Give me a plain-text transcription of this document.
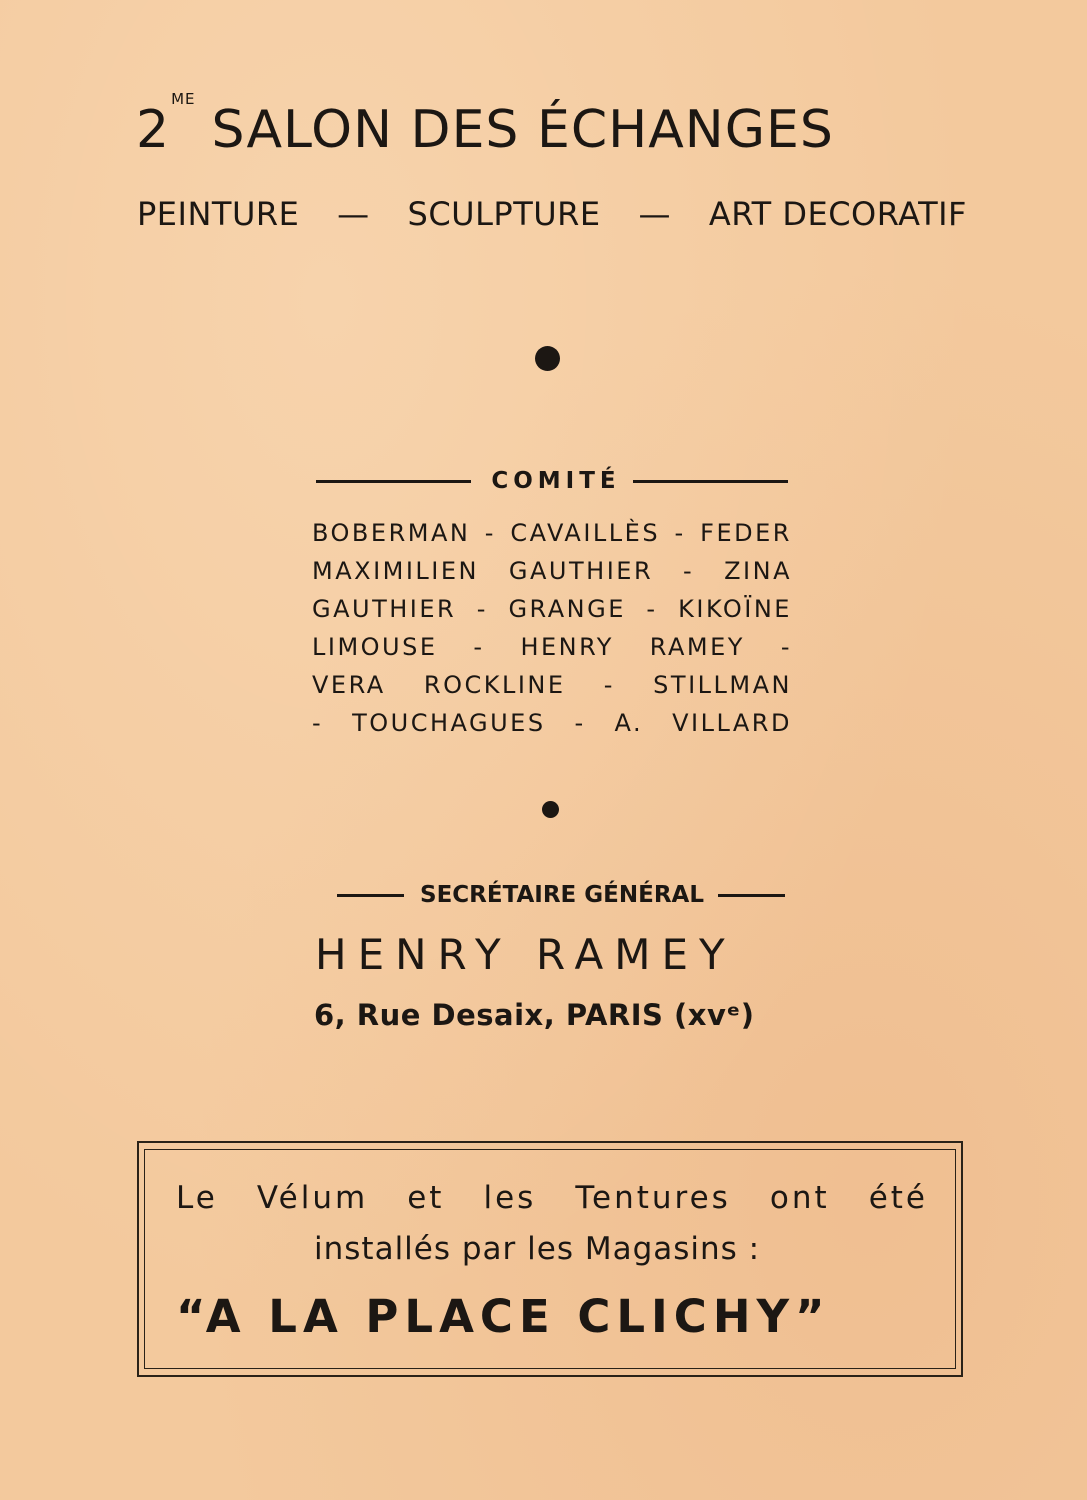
$2^{ME}SALON$ DES ÉCHANGES
PEINTURE — SCULPTURE — ART DECORATIF
COMITÉ
BOBERMAN - CAVAILLÈS - FEDER
MAXIMILIEN GAUTHIER - ZINA
GAUTHIER - GRANGE - KIKOÏNE
LIMOUSE - HENRY RAMEY -
VERA ROCKLINE - STILLMAN
- TOUCHAGUES - A. VILLARD
SECRÉTAIRE GÉNÉRAL
HENRY RAMEY
6, Rue Desaix, PARIS (xvᵉ)
Le Vélum et les Tentures ont été
installés par les Magasins :
“A LA PLACE CLICHY”
